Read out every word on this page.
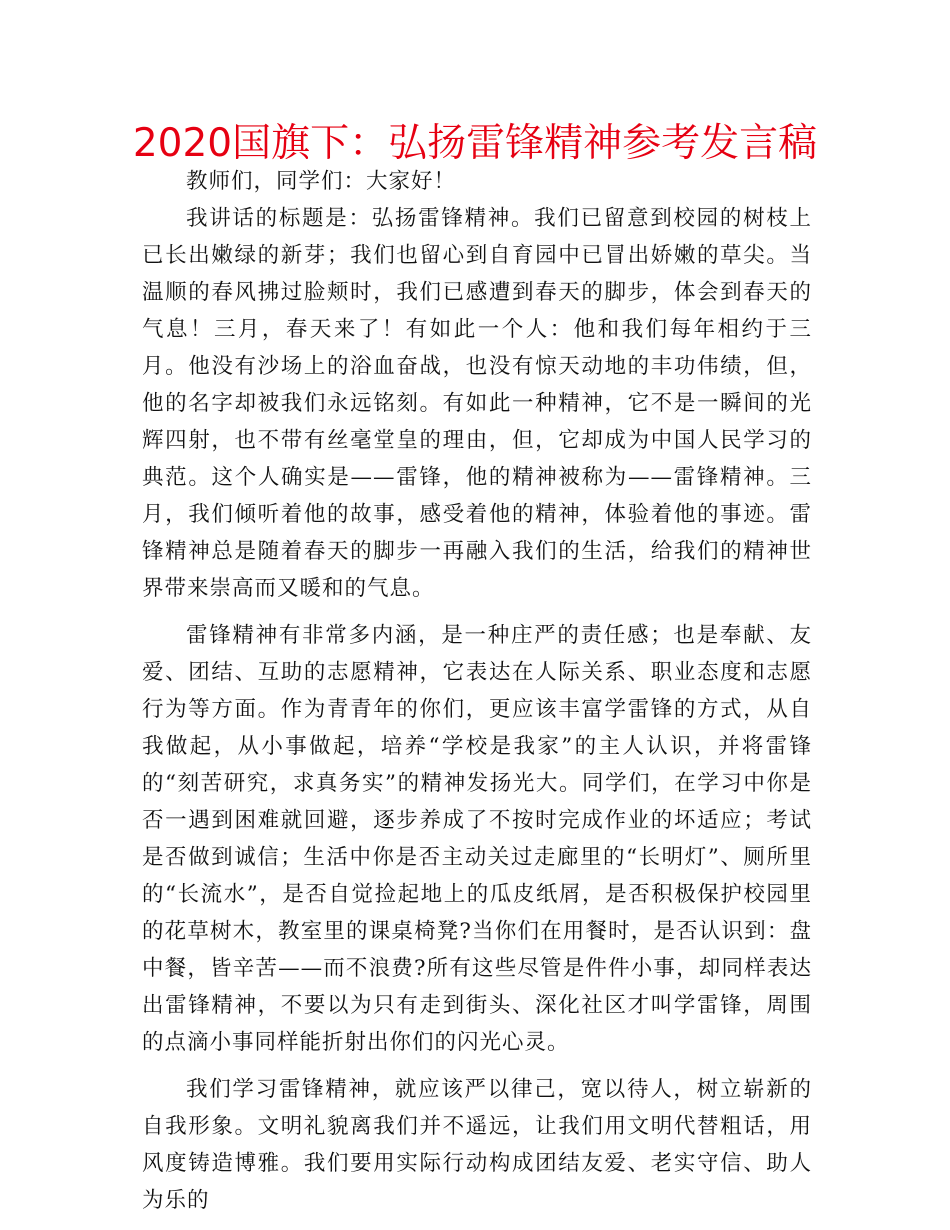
2020国旗下：弘扬雷锋精神参考发言稿

教师们，同学们：大家好！

我讲话的标题是：弘扬雷锋精神。我们已留意到校园的树枝上已长出嫩绿的新芽；我们也留心到自育园中已冒出娇嫩的草尖。当温顺的春风拂过脸颊时，我们已感遭到春天的脚步，体会到春天的气息！三月，春天来了！有如此一个人：他和我们每年相约于三月。他没有沙场上的浴血奋战，也没有惊天动地的丰功伟绩，但，他的名字却被我们永远铭刻。有如此一种精神，它不是一瞬间的光辉四射，也不带有丝毫堂皇的理由，但，它却成为中国人民学习的典范。这个人确实是——雷锋，他的精神被称为——雷锋精神。三月，我们倾听着他的故事，感受着他的精神，体验着他的事迹。雷锋精神总是随着春天的脚步一再融入我们的生活，给我们的精神世界带来崇高而又暖和的气息。

雷锋精神有非常多内涵，是一种庄严的责任感；也是奉献、友爱、团结、互助的志愿精神，它表达在人际关系、职业态度和志愿行为等方面。作为青青年的你们，更应该丰富学雷锋的方式，从自我做起，从小事做起，培养“学校是我家”的主人认识，并将雷锋的“刻苦研究，求真务实”的精神发扬光大。同学们，在学习中你是否一遇到困难就回避，逐步养成了不按时完成作业的坏适应；考试是否做到诚信；生活中你是否主动关过走廊里的“长明灯”、厕所里的“长流水”，是否自觉捡起地上的瓜皮纸屑，是否积极保护校园里的花草树木，教室里的课桌椅凳?当你们在用餐时，是否认识到：盘中餐，皆辛苦——而不浪费?所有这些尽管是件件小事，却同样表达出雷锋精神，不要以为只有走到街头、深化社区才叫学雷锋，周围的点滴小事同样能折射出你们的闪光心灵。

我们学习雷锋精神，就应该严以律己，宽以待人，树立崭新的自我形象。文明礼貌离我们并不遥远，让我们用文明代替粗话，用风度铸造博雅。我们要用实际行动构成团结友爱、老实守信、助人为乐的
